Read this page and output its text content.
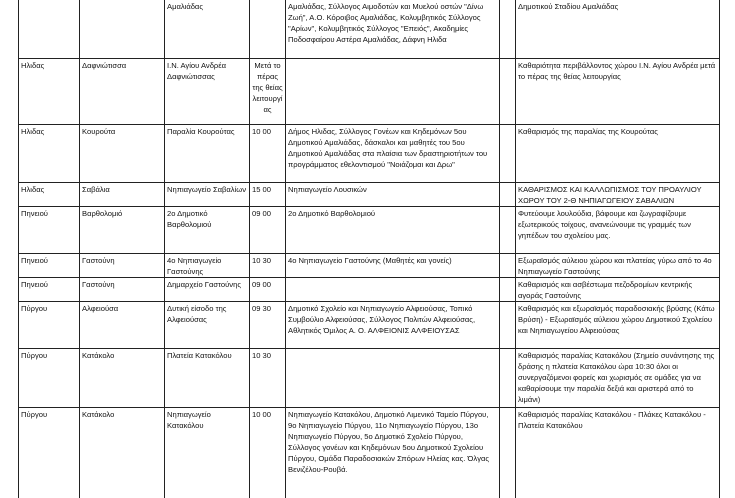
		Αμαλιάδας		Αμαλιάδας, Σύλλογος Αιμοδοτών και Μυελού οστών "Δίνω Ζωή", Α.Ο. Κόροιβος Αμαλιάδας, Κολυμβητικός Σύλλογος "Αρίων", Κολυμβητικός Σύλλογος "Επειός", Ακαδημίες Ποδοσφαίρου Αστέρα Αμαλιάδας, Δάφνη Ηλιδα		Δημοτικού Σταδίου Αμαλιάδας
Ηλιδας	Δαφνιώτισσα	Ι.Ν. Αγίου Ανδρέα Δαφνιώτισσας	Μετά το πέρας της θείας λειτουργίας			Καθαριότητα περιβάλλοντος χώρου Ι.Ν. Αγίου Ανδρέα μετά το πέρας της θείας λειτουργίας
Ηλιδας	Κουρούτα	Παραλία Κουρούτας	10 00	Δήμος Ηλιδας, Σύλλογος Γονέων και Κηδεμόνων 5ου Δημοτικού Αμαλιάδας, δάσκαλοι και μαθητές του 5ου Δημοτικού Αμαλιάδας στα πλαίσια των δραστηριοτήτων του προγράμματος εθελοντισμού "Νοιάζομαι και Δρω"		Καθαρισμός της παραλίας της Κουρούτας
Ηλιδας	Σαβάλια	Νηπιαγωγείο Σαβαλίων	15 00	Νηπιαγωγείο Λουσικών		ΚΑΘΑΡΙΣΜΟΣ ΚΑΙ ΚΑΛΛΩΠΙΣΜΟΣ ΤΟΥ ΠΡΟΑΥΛΙΟΥ ΧΩΡΟΥ ΤΟΥ 2-Θ ΝΗΠΙΑΓΩΓΕΙΟΥ ΣΑΒΑΛΙΩΝ
Πηνειού	Βαρθολομιό	2ο Δημοτικό Βαρθολομιού	09 00	2ο Δημοτικό Βαρθολομιού		Φυτεύουμε λουλούδια, βάφουμε και ζωγραφίζουμε εξωτερικούς τοίχους, ανανεώνουμε τις γραμμές των γηπέδων του σχολείου μας.
Πηνειού	Γαστούνη	4ο Νηπιαγωγείο Γαστούνης	10 30	4ο Νηπιαγωγείο Γαστούνης (Μαθητές και γονείς)		Εξωραϊσμός αύλειου χώρου και πλατείας γύρω από το 4ο Νηπιαγωγείο Γαστούνης
Πηνειού	Γαστούνη	Δημαρχείο Γαστούνης	09 00			Καθαρισμός και ασβέστωμα πεζοδρομίων κεντρικής αγοράς Γαστούνης
Πύργου	Αλφειούσα	Δυτική είσοδο της Αλφειούσας	09 30	Δημοτικό Σχολείο και Νηπιαγωγείο Αλφειούσας, Τοπικό Συμβούλιο Αλφειούσας, Σύλλογος Πολιτών Αλφειούσας, Αθλητικός Όμιλος Α. Ο. ΑΛΦΕΙΟΝΙΣ ΑΛΦΕΙΟΥΣΑΣ		Καθαρισμός και εξωραϊσμός παραδοσιακής βρύσης (Κάτω Βρύση) - Εξωραϊσμός αύλειου χώρου Δημοτικού Σχολείου και Νηπιαγωγείου Αλφειούσας
Πύργου	Κατάκολο	Πλατεία Κατακόλου	10 30			Καθαρισμός παραλίας Κατακόλου (Σημείο συνάντησης της δράσης η πλατεία Κατακόλου ώρα 10:30 όλοι οι συνεργαζόμενοι φορείς και χωρισμός σε ομάδες για να καθαρίσουμε την παραλία δεξιά και αριστερά από το λιμάνι)
Πύργου	Κατάκολο	Νηπιαγωγείο Κατακόλου	10 00	Νηπιαγωγείο Κατακόλου, Δημοτικό Λιμενικό Ταμείο Πύργου, 9ο Νηπιαγωγείο Πύργου, 11ο Νηπιαγωγείο Πύργου, 13ο Νηπιαγωγείο Πύργου, 5ο Δημοτικό Σχολείο Πύργου, Σύλλογος γονέων και Κηδεμόνων 5ου Δημοτικού Σχολείου Πύργου, Ομάδα Παραδοσιακών Σπόρων Ηλείας κας. Όλγας Βενιζέλου-Ρουβά.		Καθαρισμός παραλίας Κατακόλου - Πλάκες Κατακόλου - Πλατεία Κατακόλου
